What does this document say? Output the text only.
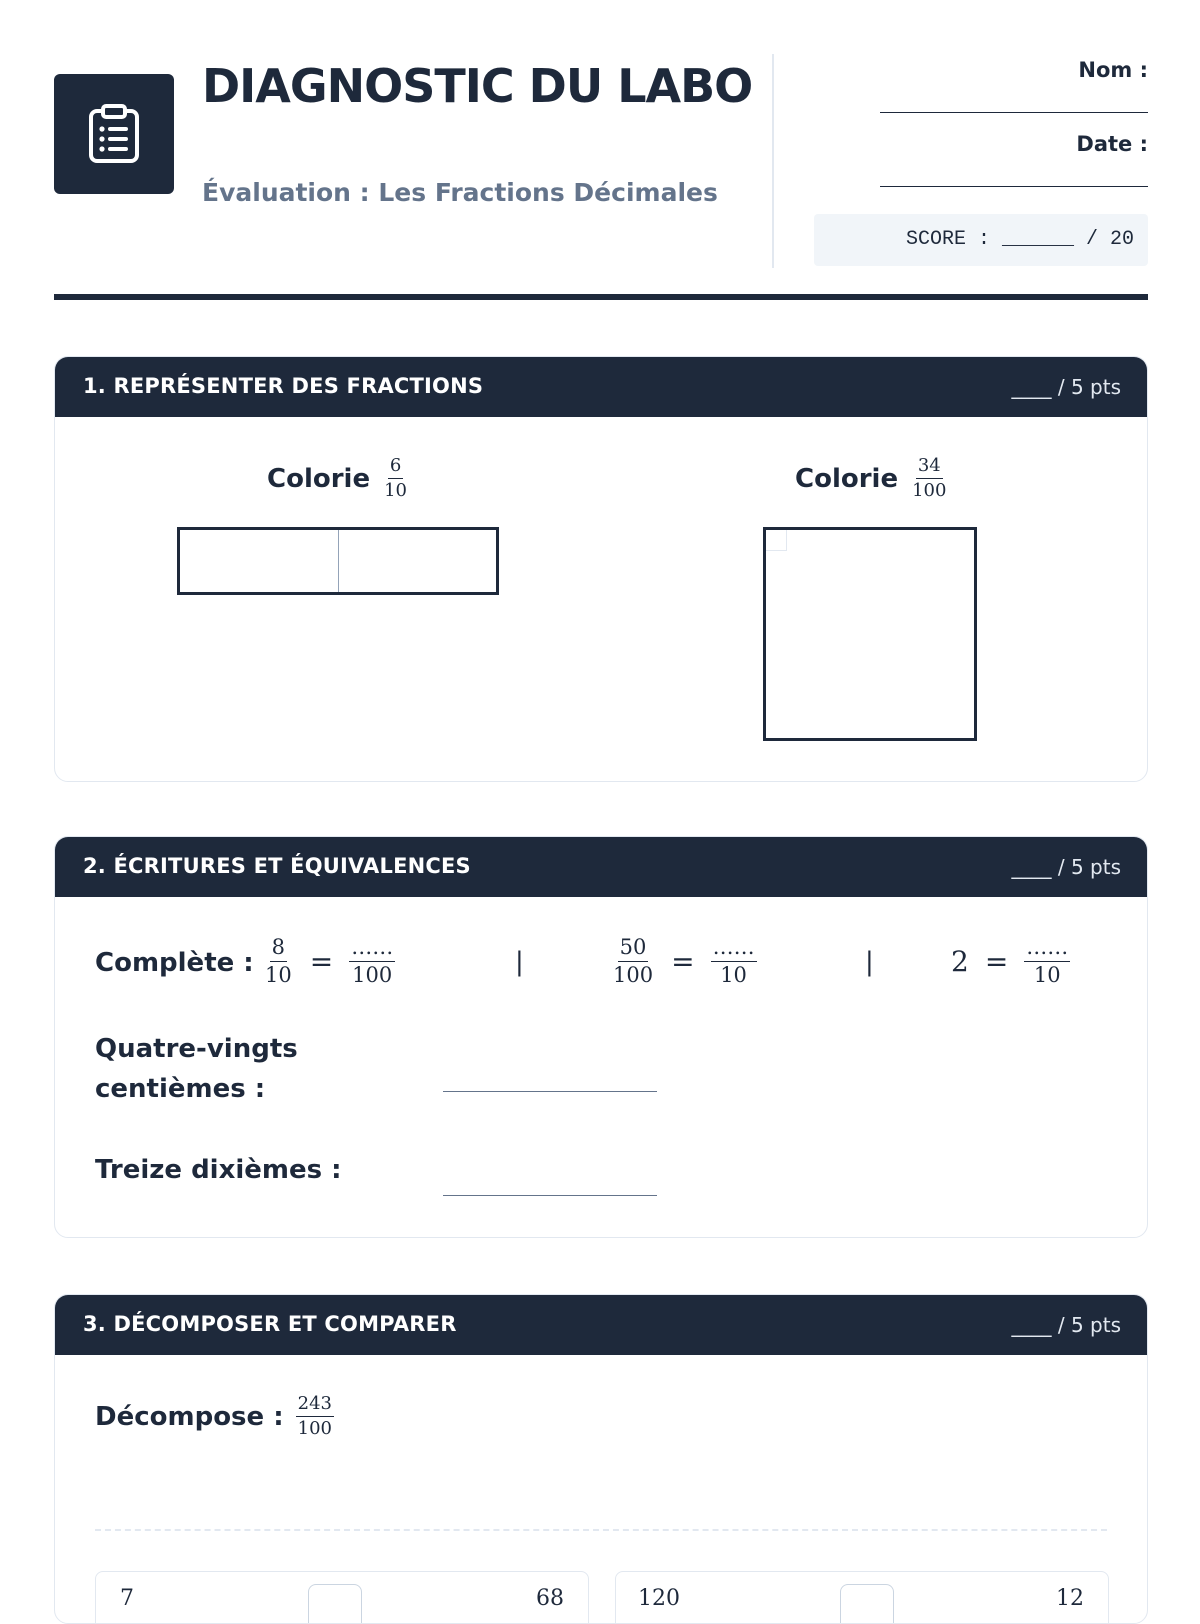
DIAGNOSTIC DU LABO
Évaluation : Les Fractions Décimales
Nom :
Date :
SCORE : ______ / 20
1. REPRÉSENTER DES FRACTIONS	____ / 5 pts
Colorie $\frac{6}{10}$	Colorie $\frac{34}{100}$
2. ÉCRITURES ET ÉQUIVALENCES	____ / 5 pts
Complète : $\frac{8}{10} = \frac{\dots\dots}{100}$	|	$\frac{50}{100} = \frac{\dots\dots}{10}$	|	$2 = \frac{\dots\dots}{10}$
Quatre-vingts centièmes :
Treize dixièmes :
3. DÉCOMPOSER ET COMPARER	____ / 5 pts
Décompose : $\frac{243}{100}$
7	68	120	12
